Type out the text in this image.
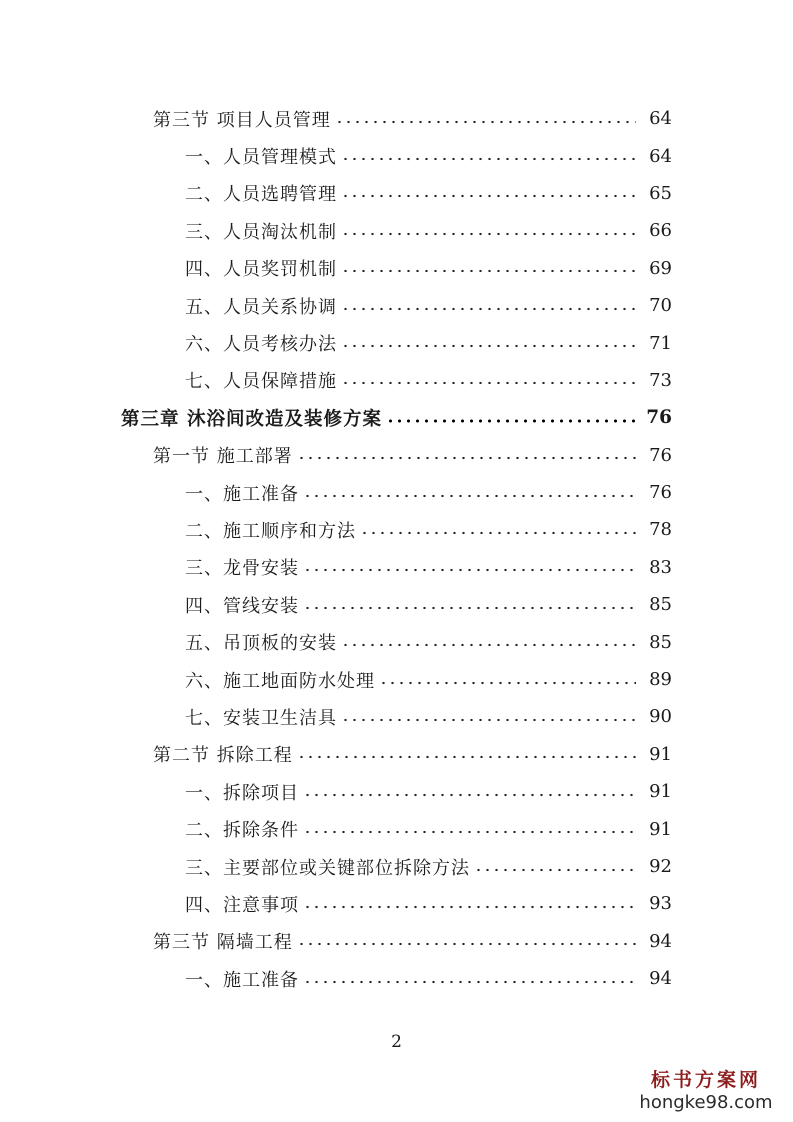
第三节 项目人员管理	64
一、人员管理模式	64
二、人员选聘管理	65
三、人员淘汰机制	66
四、人员奖罚机制	69
五、人员关系协调	70
六、人员考核办法	71
七、人员保障措施	73
第三章 沐浴间改造及装修方案	76
第一节 施工部署	76
一、施工准备	76
二、施工顺序和方法	78
三、龙骨安装	83
四、管线安装	85
五、吊顶板的安装	85
六、施工地面防水处理	89
七、安装卫生洁具	90
第二节 拆除工程	91
一、拆除项目	91
二、拆除条件	91
三、主要部位或关键部位拆除方法	92
四、注意事项	93
第三节 隔墙工程	94
一、施工准备	94
2
标书方案网
hongke98.com
